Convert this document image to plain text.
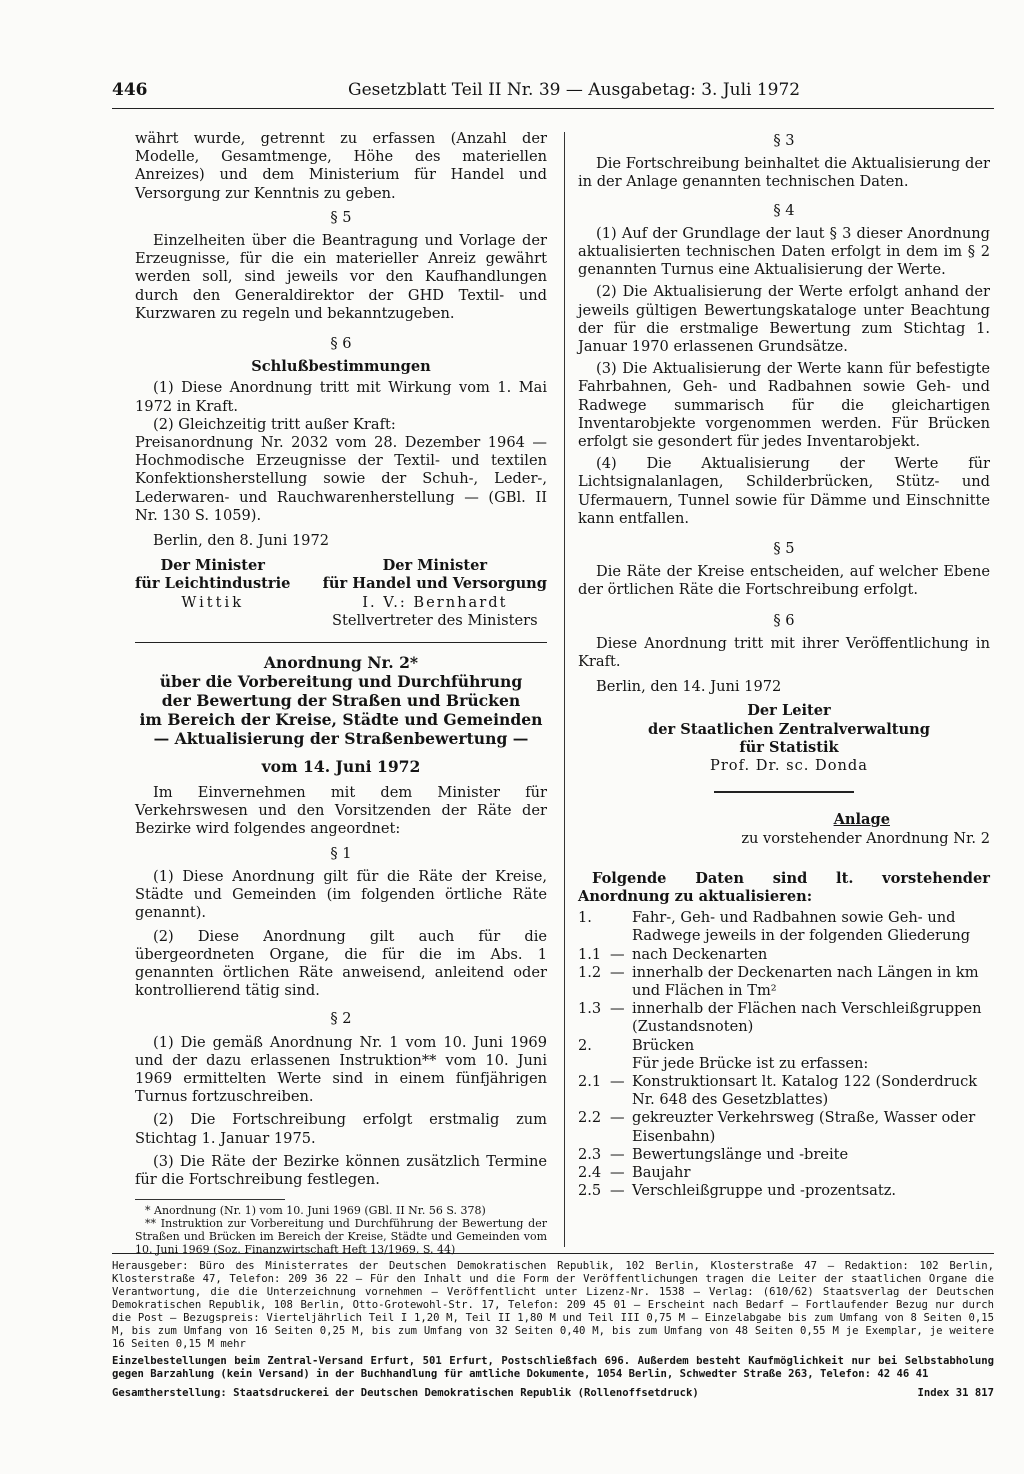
446	Gesetzblatt Teil II Nr. 39 — Ausgabetag: 3. Juli 1972

währt wurde, getrennt zu erfassen (Anzahl der Modelle, Gesamtmenge, Höhe des materiellen Anreizes) und dem Ministerium für Handel und Versorgung zur Kenntnis zu geben.

§ 5

Einzelheiten über die Beantragung und Vorlage der Erzeugnisse, für die ein materieller Anreiz gewährt werden soll, sind jeweils vor den Kaufhandlungen durch den Generaldirektor der GHD Textil- und Kurzwaren zu regeln und bekanntzugeben.

§ 6
Schlußbestimmungen

(1) Diese Anordnung tritt mit Wirkung vom 1. Mai 1972 in Kraft.

(2) Gleichzeitig tritt außer Kraft:

Preisanordnung Nr. 2032 vom 28. Dezember 1964 — Hochmodische Erzeugnisse der Textil- und textilen Konfektionsherstellung sowie der Schuh-, Leder-, Lederwaren- und Rauchwarenherstellung — (GBl. II Nr. 130 S. 1059).

Berlin, den 8. Juni 1972

Der Minister
für Leichtindustrie
Wittik
Der Minister
für Handel und Versorgung
I. V.: Bernhardt
Stellvertreter des Ministers
Anordnung Nr. 2*
über die Vorbereitung und Durchführung
der Bewertung der Straßen und Brücken
im Bereich der Kreise, Städte und Gemeinden
— Aktualisierung der Straßenbewertung —
vom 14. Juni 1972

Im Einvernehmen mit dem Minister für Verkehrswesen und den Vorsitzenden der Räte der Bezirke wird folgendes angeordnet:

§ 1

(1) Diese Anordnung gilt für die Räte der Kreise, Städte und Gemeinden (im folgenden örtliche Räte genannt).

(2) Diese Anordnung gilt auch für die übergeordneten Organe, die für die im Abs. 1 genannten örtlichen Räte anweisend, anleitend oder kontrollierend tätig sind.

§ 2

(1) Die gemäß Anordnung Nr. 1 vom 10. Juni 1969 und der dazu erlassenen Instruktion** vom 10. Juni 1969 ermittelten Werte sind in einem fünfjährigen Turnus fortzuschreiben.

(2) Die Fortschreibung erfolgt erstmalig zum Stichtag 1. Januar 1975.

(3) Die Räte der Bezirke können zusätzlich Termine für die Fortschreibung festlegen.

* Anordnung (Nr. 1) vom 10. Juni 1969 (GBl. II Nr. 56 S. 378)

** Instruktion zur Vorbereitung und Durchführung der Bewertung der Straßen und Brücken im Bereich der Kreise, Städte und Gemeinden vom 10. Juni 1969 (Soz. Finanzwirtschaft Heft 13/1969, S. 44)

§ 3

Die Fortschreibung beinhaltet die Aktualisierung der in der Anlage genannten technischen Daten.

§ 4

(1) Auf der Grundlage der laut § 3 dieser Anordnung aktualisierten technischen Daten erfolgt in dem im § 2 genannten Turnus eine Aktualisierung der Werte.

(2) Die Aktualisierung der Werte erfolgt anhand der jeweils gültigen Bewertungskataloge unter Beachtung der für die erstmalige Bewertung zum Stichtag 1. Januar 1970 erlassenen Grundsätze.

(3) Die Aktualisierung der Werte kann für befestigte Fahrbahnen, Geh- und Radbahnen sowie Geh- und Radwege summarisch für die gleichartigen Inventarobjekte vorgenommen werden. Für Brücken erfolgt sie gesondert für jedes Inventarobjekt.

(4) Die Aktualisierung der Werte für Lichtsignalanlagen, Schilderbrücken, Stütz- und Ufermauern, Tunnel sowie für Dämme und Einschnitte kann entfallen.

§ 5

Die Räte der Kreise entscheiden, auf welcher Ebene der örtlichen Räte die Fortschreibung erfolgt.

§ 6

Diese Anordnung tritt mit ihrer Veröffentlichung in Kraft.

Berlin, den 14. Juni 1972

Der Leiter
der Staatlichen Zentralverwaltung
für Statistik
Prof. Dr. sc. Donda
Anlage
zu vorstehender Anordnung Nr. 2

Folgende Daten sind lt. vorstehender Anordnung zu aktualisieren:

1.	Fahr-, Geh- und Radbahnen sowie Geh- und Radwege jeweils in der folgenden Gliederung
1.1 — nach Deckenarten
1.2 — innerhalb der Deckenarten nach Längen in km und Flächen in Tm²
1.3 — innerhalb der Flächen nach Verschleißgruppen (Zustandsnoten)
2.	Brücken
Für jede Brücke ist zu erfassen:
2.1 — Konstruktionsart lt. Katalog 122 (Sonderdruck Nr. 648 des Gesetzblattes)
2.2 — gekreuzter Verkehrsweg (Straße, Wasser oder Eisenbahn)
2.3 — Bewertungslänge und -breite
2.4 — Baujahr
2.5 — Verschleißgruppe und -prozentsatz.

Herausgeber: Büro des Ministerrates der Deutschen Demokratischen Republik, 102 Berlin, Klosterstraße 47 — Redaktion: 102 Berlin, Klosterstraße 47, Telefon: 209 36 22 — Für den Inhalt und die Form der Veröffentlichungen tragen die Leiter der staatlichen Organe die Verantwortung, die die Unterzeichnung vornehmen — Veröffentlicht unter Lizenz-Nr. 1538 — Verlag: (610/62) Staatsverlag der Deutschen Demokratischen Republik, 108 Berlin, Otto-Grotewohl-Str. 17, Telefon: 209 45 01 — Erscheint nach Bedarf — Fortlaufender Bezug nur durch die Post — Bezugspreis: Vierteljährlich Teil I 1,20 M, Teil II 1,80 M und Teil III 0,75 M — Einzelabgabe bis zum Umfang von 8 Seiten 0,15 M, bis zum Umfang von 16 Seiten 0,25 M, bis zum Umfang von 32 Seiten 0,40 M, bis zum Umfang von 48 Seiten 0,55 M je Exemplar, je weitere 16 Seiten 0,15 M mehr

Einzelbestellungen beim Zentral-Versand Erfurt, 501 Erfurt, Postschließfach 696. Außerdem besteht Kaufmöglichkeit nur bei Selbstabholung gegen Barzahlung (kein Versand) in der Buchhandlung für amtliche Dokumente, 1054 Berlin, Schwedter Straße 263, Telefon: 42 46 41

Gesamtherstellung: Staatsdruckerei der Deutschen Demokratischen Republik (Rollenoffsetdruck)	Index 31 817
